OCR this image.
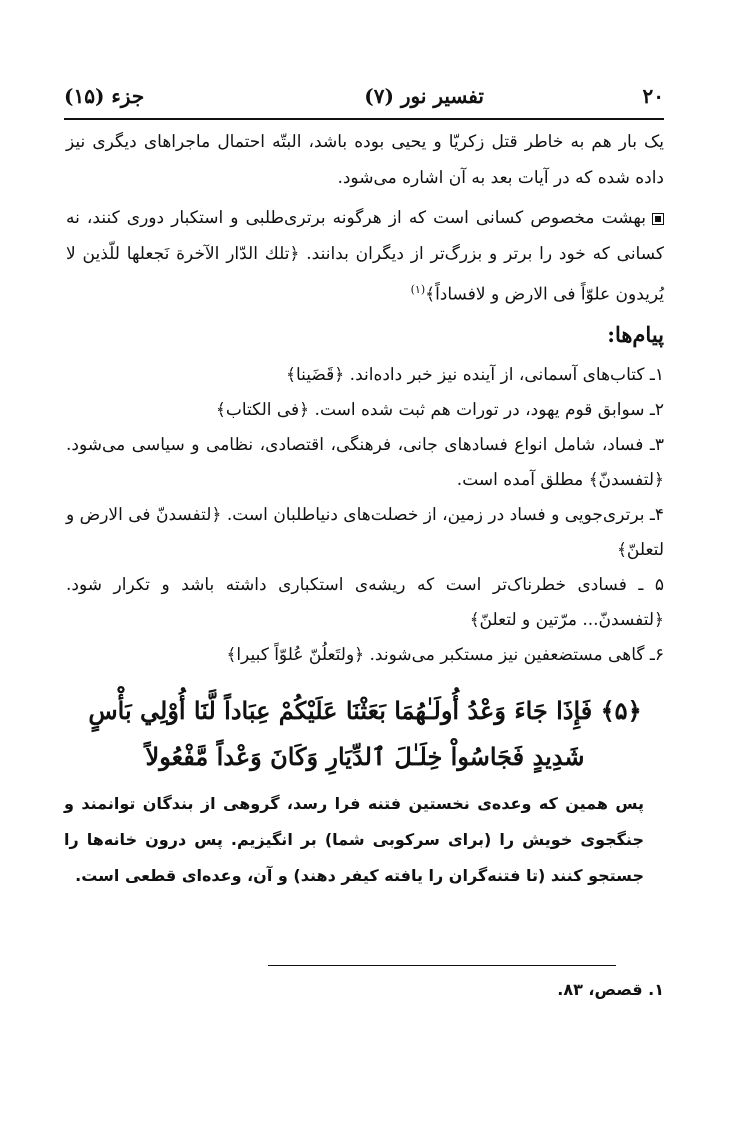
۲۰
تفسیر نور (۷)
جزء (۱۵)
یک بار هم به خاطر قتل زکریّا و یحیی بوده باشد، البتّه احتمال ماجراهای دیگری نیز داده شده که در آیات بعد به آن اشاره می‌شود.
بهشت مخصوص کسانی است که از هرگونه برتری‌طلبی و استکبار دوری کنند، نه کسانی که خود را برتر و بزرگ‌تر از دیگران بدانند. ﴿تلك الدّار الآخرة نَجعلها للّذین لا یُریدون علوّاً فی الارض و لافساداً﴾$^{(۱)}$
پیام‌ها:
۱ـ کتاب‌های آسمانی، از آینده نیز خبر داده‌اند. ﴿قَضَینا﴾
۲ـ سوابق قوم یهود، در تورات هم ثبت شده است. ﴿فی الکتاب﴾
۳ـ فساد، شامل انواع فسادهای جانی، فرهنگی، اقتصادی، نظامی و سیاسی می‌شود. ﴿لتفسدنّ﴾ مطلق آمده است.
۴ـ برتری‌جویی و فساد در زمین، از خصلت‌های دنیاطلبان است. ﴿لتفسدنّ فی الارض و لتعلنّ﴾
۵ ـ فسادی خطرناک‌تر است که ریشه‌ی استکباری داشته باشد و تکرار شود. ﴿لتفسدنّ... مرّتین و لتعلنّ﴾
۶ـ گاهی مستضعفین نیز مستکبر می‌شوند. ﴿ولتَعلُنّ عُلوّاً کبیرا﴾
﴿۵﴾ فَإِذَا جَاءَ وَعْدُ أُولَـٰهُمَا بَعَثْنَا عَلَيْكُمْ عِبَاداً لَّنَا أُوْلِي بَأْسٍ شَدِيدٍ فَجَاسُواْ خِلَـٰلَ ٱلدِّيَارِ وَكَانَ وَعْداً مَّفْعُولاً
پس همین که وعده‌ی نخستین فتنه فرا رسد، گروهی از بندگان توانمند و جنگجوی خویش را (برای سرکوبی شما) بر انگیزیم. پس درون خانه‌ها را جستجو کنند (تا فتنه‌گران را یافته کیفر دهند) و آن، وعده‌ای قطعی است.
۱. قصص، ۸۳.
